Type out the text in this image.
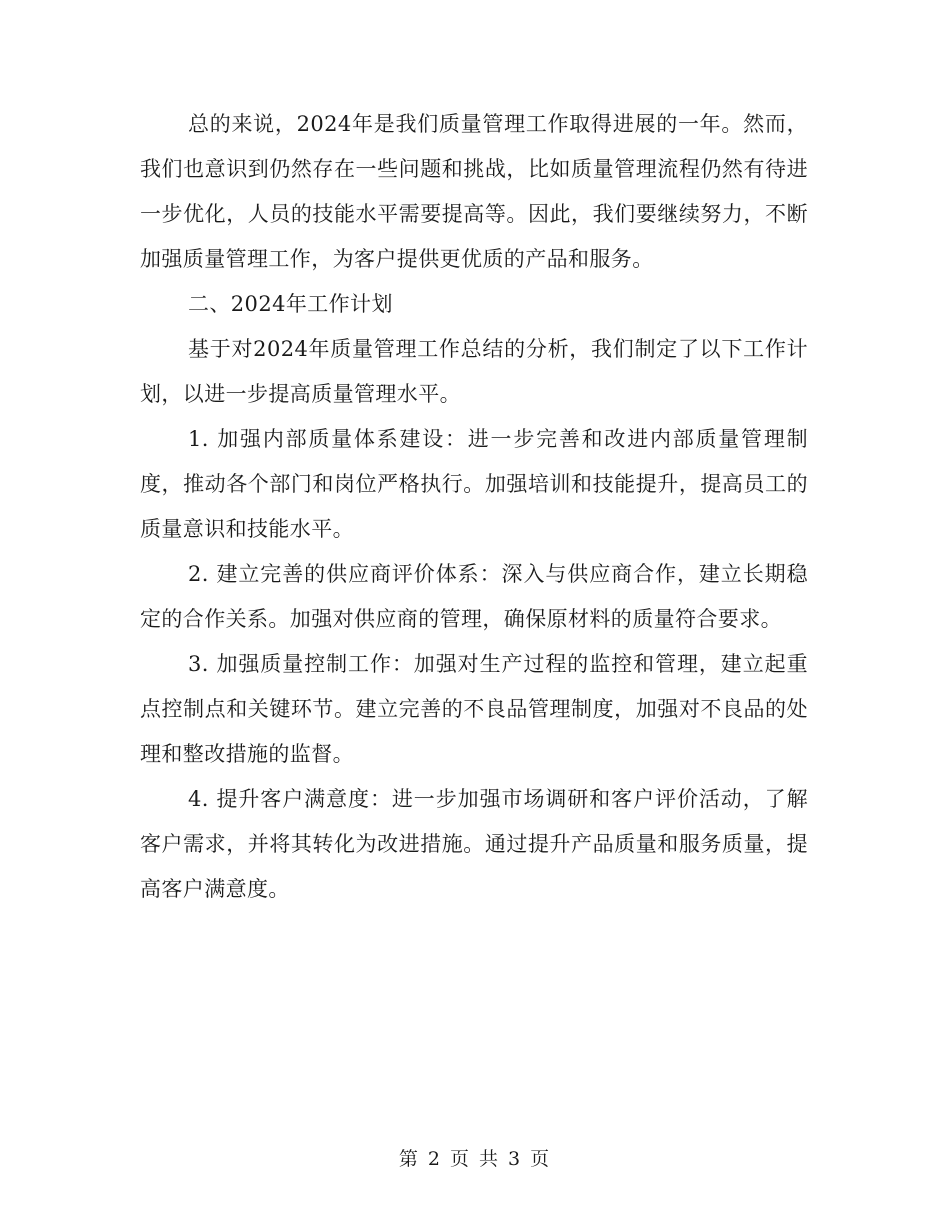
总的来说，2024年是我们质量管理工作取得进展的一年。然而，我们也意识到仍然存在一些问题和挑战，比如质量管理流程仍然有待进一步优化，人员的技能水平需要提高等。因此，我们要继续努力，不断加强质量管理工作，为客户提供更优质的产品和服务。

二、2024年工作计划

基于对2024年质量管理工作总结的分析，我们制定了以下工作计划，以进一步提高质量管理水平。

1. 加强内部质量体系建设：进一步完善和改进内部质量管理制度，推动各个部门和岗位严格执行。加强培训和技能提升，提高员工的质量意识和技能水平。

2. 建立完善的供应商评价体系：深入与供应商合作，建立长期稳定的合作关系。加强对供应商的管理，确保原材料的质量符合要求。

3. 加强质量控制工作：加强对生产过程的监控和管理，建立起重点控制点和关键环节。建立完善的不良品管理制度，加强对不良品的处理和整改措施的监督。

4. 提升客户满意度：进一步加强市场调研和客户评价活动，了解客户需求，并将其转化为改进措施。通过提升产品质量和服务质量，提高客户满意度。

第 2 页 共 3 页
